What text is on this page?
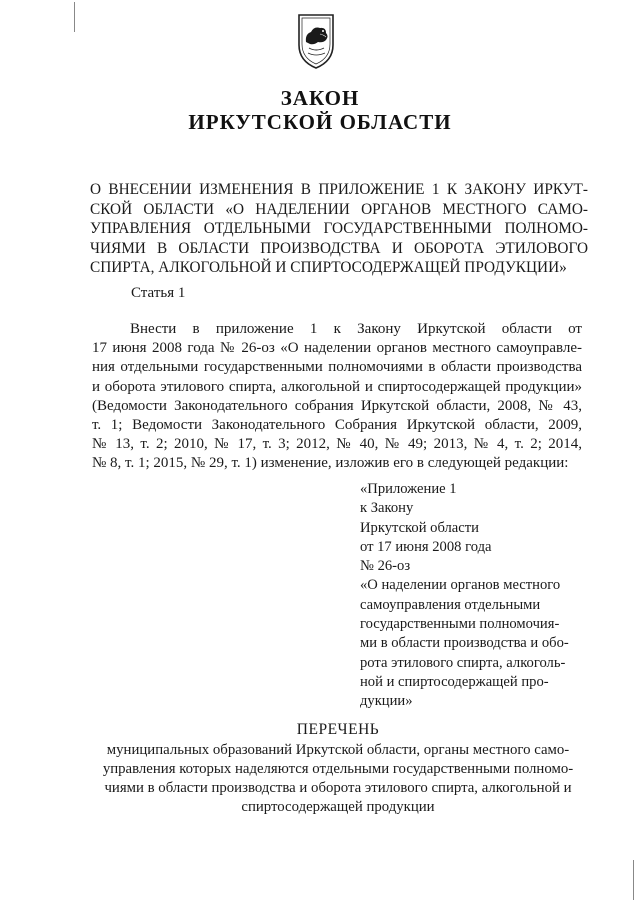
ЗАКОН
ИРКУТСКОЙ ОБЛАСТИ
О ВНЕСЕНИИ ИЗМЕНЕНИЯ В ПРИЛОЖЕНИЕ 1 К ЗАКОНУ ИРКУТ-
СКОЙ ОБЛАСТИ «О НАДЕЛЕНИИ ОРГАНОВ МЕСТНОГО САМО-
УПРАВЛЕНИЯ ОТДЕЛЬНЫМИ ГОСУДАРСТВЕННЫМИ ПОЛНОМО-
ЧИЯМИ В ОБЛАСТИ ПРОИЗВОДСТВА И ОБОРОТА ЭТИЛОВОГО
СПИРТА, АЛКОГОЛЬНОЙ И СПИРТОСОДЕРЖАЩЕЙ ПРОДУКЦИИ»
Статья 1
Внести в приложение 1 к Закону Иркутской области от
17 июня 2008 года № 26-оз «О наделении органов местного самоуправле-
ния отдельными государственными полномочиями в области производства
и оборота этилового спирта, алкогольной и спиртосодержащей продукции»
(Ведомости Законодательного собрания Иркутской области, 2008, № 43,
т. 1; Ведомости Законодательного Собрания Иркутской области, 2009,
№ 13, т. 2; 2010, № 17, т. 3; 2012, № 40, № 49; 2013, № 4, т. 2; 2014,
№ 8, т. 1; 2015, № 29, т. 1) изменение, изложив его в следующей редакции:
«Приложение 1
к Закону
Иркутской области
от 17 июня 2008 года
№ 26-оз
«О наделении органов местного
самоуправления отдельными
государственными полномочия-
ми в области производства и обо-
рота этилового спирта, алкоголь-
ной и спиртосодержащей про-
дукции»
ПЕРЕЧЕНЬ
муниципальных образований Иркутской области, органы местного само-
управления которых наделяются отдельными государственными полномо-
чиями в области производства и оборота этилового спирта, алкогольной и
спиртосодержащей продукции
